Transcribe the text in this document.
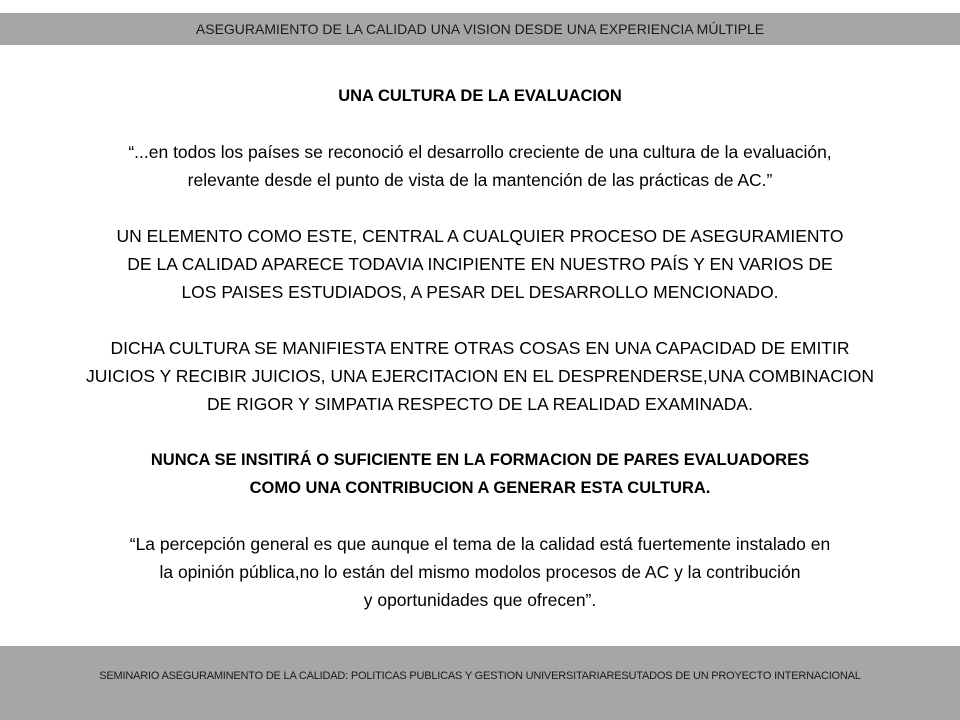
ASEGURAMIENTO DE LA CALIDAD UNA VISION DESDE UNA EXPERIENCIA MÚLTIPLE

UNA CULTURA DE LA EVALUACION

“...en todos los países se reconoció el desarrollo creciente de una cultura de la evaluación,
relevante desde el punto de vista de la mantención de las prácticas de AC.”

UN ELEMENTO COMO ESTE, CENTRAL A CUALQUIER PROCESO DE ASEGURAMIENTO
DE LA CALIDAD APARECE TODAVIA INCIPIENTE EN NUESTRO PAÍS Y EN VARIOS DE
LOS PAISES ESTUDIADOS, A PESAR DEL DESARROLLO MENCIONADO.

DICHA CULTURA SE MANIFIESTA ENTRE OTRAS COSAS EN UNA CAPACIDAD DE EMITIR
JUICIOS Y RECIBIR JUICIOS, UNA EJERCITACION EN EL DESPRENDERSE,UNA COMBINACION
DE RIGOR Y SIMPATIA RESPECTO DE LA REALIDAD EXAMINADA.

NUNCA SE INSITIRÁ O SUFICIENTE EN LA FORMACION DE PARES EVALUADORES
COMO UNA CONTRIBUCION A GENERAR ESTA CULTURA.

“La percepción general es que aunque el tema de la calidad está fuertemente instalado en
la opinión pública,no lo están del mismo modolos procesos de AC y la contribución
y oportunidades que ofrecen”.

SEMINARIO ASEGURAMINENTO DE LA CALIDAD: POLITICAS PUBLICAS Y GESTION UNIVERSITARIARESUTADOS DE UN PROYECTO INTERNACIONAL
